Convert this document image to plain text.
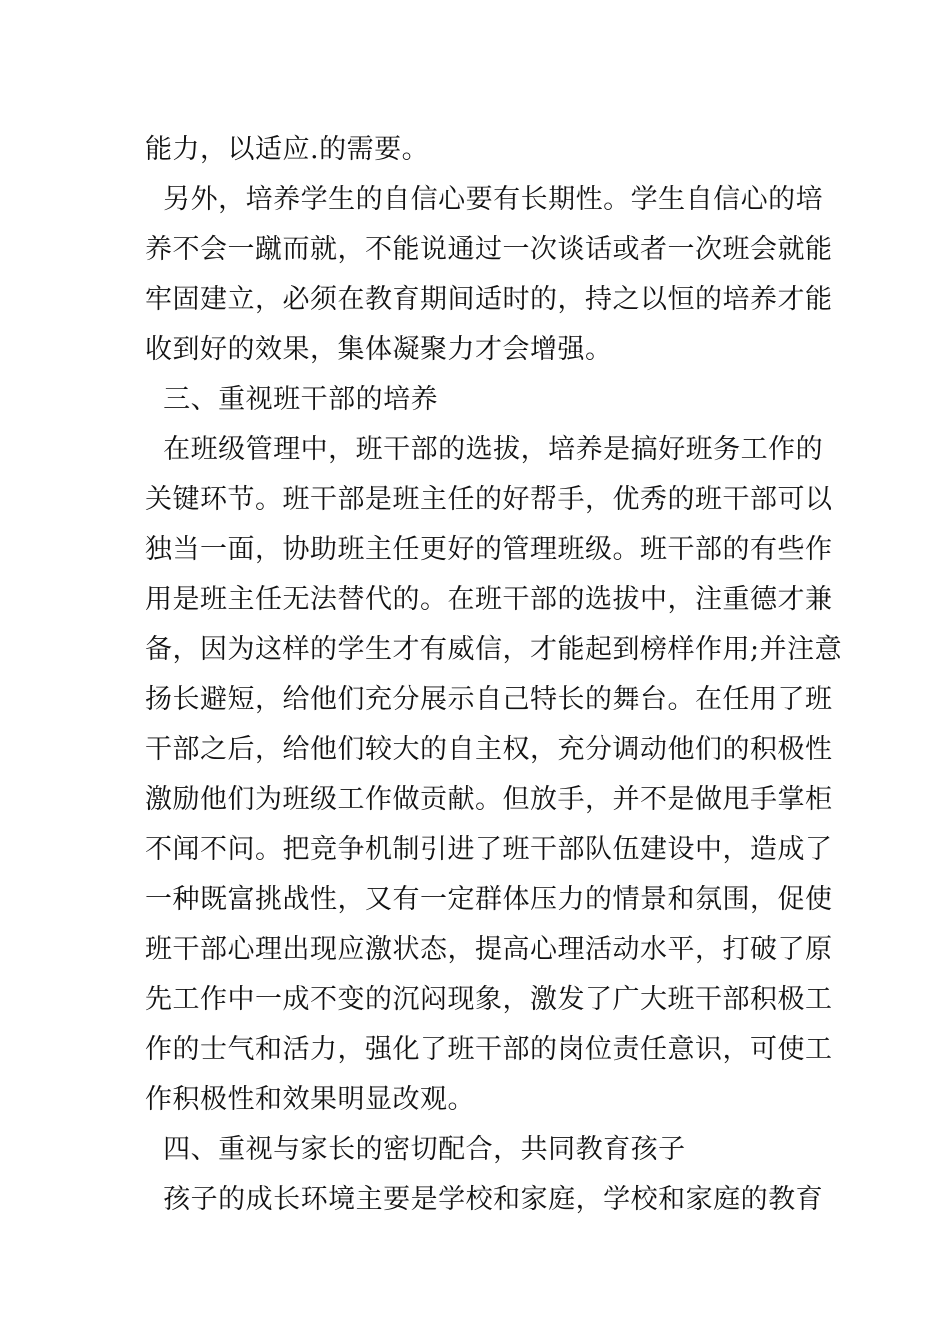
能力，以适应.的需要。
另外，培养学生的自信心要有长期性。学生自信心的培
养不会一蹴而就，不能说通过一次谈话或者一次班会就能
牢固建立，必须在教育期间适时的，持之以恒的培养才能
收到好的效果，集体凝聚力才会增强。
三、重视班干部的培养
在班级管理中，班干部的选拔，培养是搞好班务工作的
关键环节。班干部是班主任的好帮手，优秀的班干部可以
独当一面，协助班主任更好的管理班级。班干部的有些作
用是班主任无法替代的。在班干部的选拔中，注重德才兼
备，因为这样的学生才有威信，才能起到榜样作用;并注意
扬长避短，给他们充分展示自己特长的舞台。在任用了班
干部之后，给他们较大的自主权，充分调动他们的积极性
激励他们为班级工作做贡献。但放手，并不是做甩手掌柜
不闻不问。把竞争机制引进了班干部队伍建设中，造成了
一种既富挑战性，又有一定群体压力的情景和氛围，促使
班干部心理出现应激状态，提高心理活动水平，打破了原
先工作中一成不变的沉闷现象，激发了广大班干部积极工
作的士气和活力，强化了班干部的岗位责任意识，可使工
作积极性和效果明显改观。
四、重视与家长的密切配合，共同教育孩子
孩子的成长环境主要是学校和家庭，学校和家庭的教育
